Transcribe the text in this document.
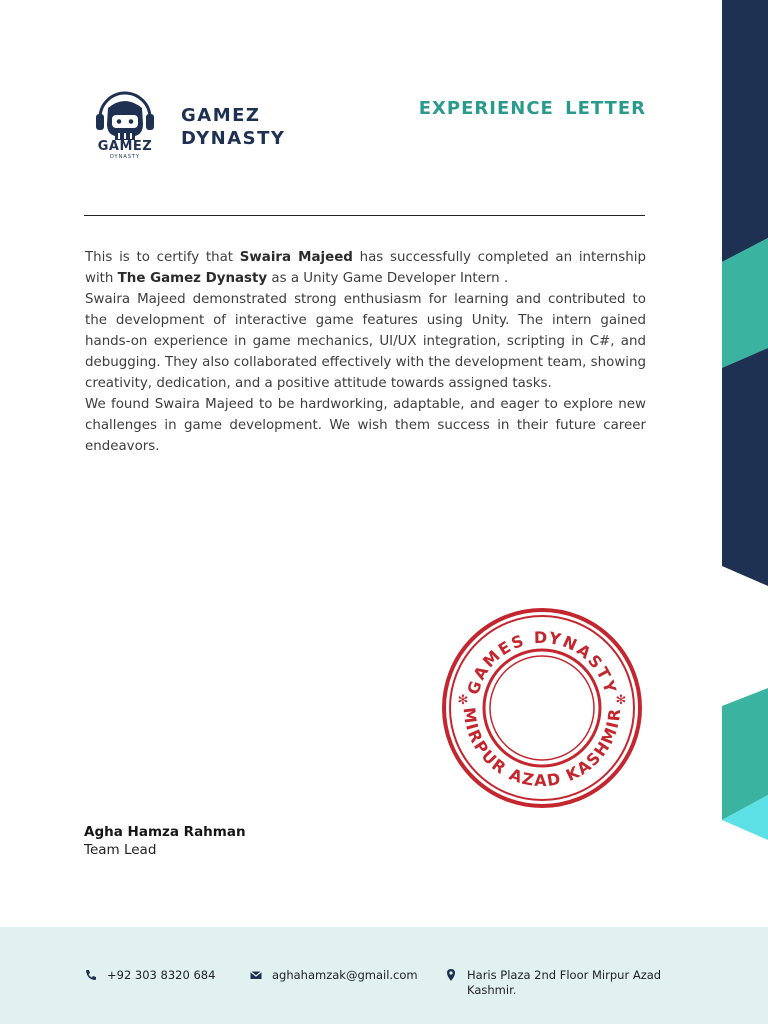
GAMEZ
DYNASTY
GAMEZ
DYNASTY
EXPERIENCE LETTER

This is to certify that Swaira Majeed has successfully completed an internship with The Gamez Dynasty as a Unity Game Developer Intern .

Swaira Majeed demonstrated strong enthusiasm for learning and contributed to the development of interactive game features using Unity. The intern gained hands-on experience in game mechanics, UI/UX integration, scripting in C#, and debugging. They also collaborated effectively with the development team, showing creativity, dedication, and a positive attitude towards assigned tasks.

We found Swaira Majeed to be hardworking, adaptable, and eager to explore new challenges in game development. We wish them success in their future career endeavors.

GAMES DYNASTY
MIRPUR AZAD KASHMIR
✻	✻
Agha Hamza Rahman
Team Lead
+92 303 8320 684	aghahamzak@gmail.com	Haris Plaza 2nd Floor Mirpur Azad
Kashmir.
